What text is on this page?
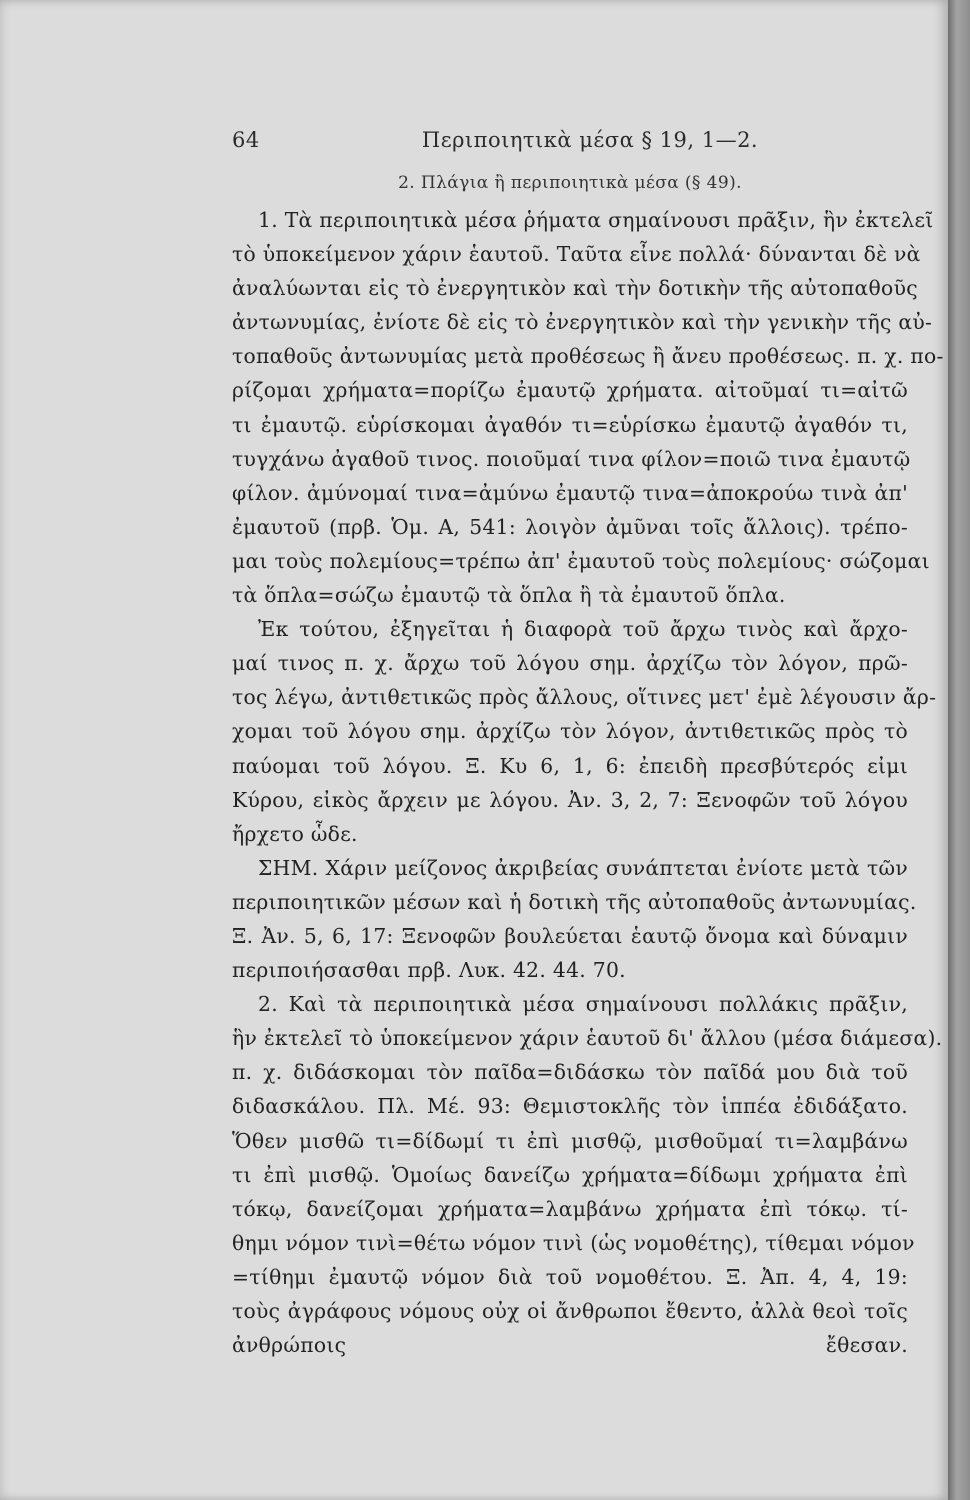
64	Περιποιητικὰ μέσα § 19, 1—2.
2. Πλάγια ἢ περιποιητικὰ μέσα (§ 49).
1. Τὰ περιποιητικὰ μέσα ῥήματα σημαίνουσι πρᾶξιν, ἣν ἐκτελεῖ
τὸ ὑποκείμενον χάριν ἑαυτοῦ. Ταῦτα εἶνε πολλά· δύνανται δὲ νὰ
ἀναλύωνται εἰς τὸ ἐνεργητικὸν καὶ τὴν δοτικὴν τῆς αὐτοπαθοῦς
ἀντωνυμίας, ἐνίοτε δὲ εἰς τὸ ἐνεργητικὸν καὶ τὴν γενικὴν τῆς αὐ-
τοπαθοῦς ἀντωνυμίας μετὰ προθέσεως ἢ ἄνευ προθέσεως. π. χ. πο-
ρίζομαι χρήματα=πορίζω ἐμαυτῷ χρήματα. αἰτοῦμαί τι=αἰτῶ
τι ἐμαυτῷ. εὑρίσκομαι ἀγαθόν τι=εὑρίσκω ἐμαυτῷ ἀγαθόν τι,
τυγχάνω ἀγαθοῦ τινος. ποιοῦμαί τινα φίλον=ποιῶ τινα ἐμαυτῷ
φίλον. ἀμύνομαί τινα=ἀμύνω ἐμαυτῷ τινα=ἀποκρούω τινὰ ἀπ'
ἐμαυτοῦ (πρβ. Ὁμ. Α, 541: λοιγὸν ἀμῦναι τοῖς ἄλλοις). τρέπο-
μαι τοὺς πολεμίους=τρέπω ἀπ' ἐμαυτοῦ τοὺς πολεμίους· σώζομαι
τὰ ὅπλα=σώζω ἐμαυτῷ τὰ ὅπλα ἢ τὰ ἐμαυτοῦ ὅπλα.
Ἐκ τούτου, ἐξηγεῖται ἡ διαφορὰ τοῦ ἄρχω τινὸς καὶ ἄρχο-
μαί τινος π. χ. ἄρχω τοῦ λόγου σημ. ἀρχίζω τὸν λόγον, πρῶ-
τος λέγω, ἀντιθετικῶς πρὸς ἄλλους, οἵτινες μετ' ἐμὲ λέγουσιν ἄρ-
χομαι τοῦ λόγου σημ. ἀρχίζω τὸν λόγον, ἀντιθετικῶς πρὸς τὸ
παύομαι τοῦ λόγου. Ξ. Κυ 6, 1, 6: ἐπειδὴ πρεσβύτερός εἰμι
Κύρου, εἰκὸς ἄρχειν με λόγου. Ἀν. 3, 2, 7: Ξενοφῶν τοῦ λόγου
ἤρχετο ὧδε.
ΣΗΜ. Χάριν μείζονος ἀκριβείας συνάπτεται ἐνίοτε μετὰ τῶν
περιποιητικῶν μέσων καὶ ἡ δοτικὴ τῆς αὐτοπαθοῦς ἀντωνυμίας.
Ξ. Ἀν. 5, 6, 17: Ξενοφῶν βουλεύεται ἑαυτῷ ὄνομα καὶ δύναμιν
περιποιήσασθαι πρβ. Λυκ. 42. 44. 70.
2. Καὶ τὰ περιποιητικὰ μέσα σημαίνουσι πολλάκις πρᾶξιν,
ἣν ἐκτελεῖ τὸ ὑποκείμενον χάριν ἑαυτοῦ δι' ἄλλου (μέσα διάμεσα).
π. χ. διδάσκομαι τὸν παῖδα=διδάσκω τὸν παῖδά μου διὰ τοῦ
διδασκάλου. Πλ. Μέ. 93: Θεμιστοκλῆς τὸν ἱππέα ἐδιδάξατο.
Ὅθεν μισθῶ τι=δίδωμί τι ἐπὶ μισθῷ, μισθοῦμαί τι=λαμβάνω
τι ἐπὶ μισθῷ. Ὁμοίως δανείζω χρήματα=δίδωμι χρήματα ἐπὶ
τόκῳ, δανείζομαι χρήματα=λαμβάνω χρήματα ἐπὶ τόκῳ. τί-
θημι νόμον τινὶ=θέτω νόμον τινὶ (ὡς νομοθέτης), τίθεμαι νόμον
=τίθημι ἐμαυτῷ νόμον διὰ τοῦ νομοθέτου. Ξ. Ἀπ. 4, 4, 19:
τοὺς ἀγράφους νόμους οὐχ οἱ ἄνθρωποι ἔθεντο, ἀλλὰ θεοὶ τοῖς
ἀνθρώποις ἔθεσαν.
